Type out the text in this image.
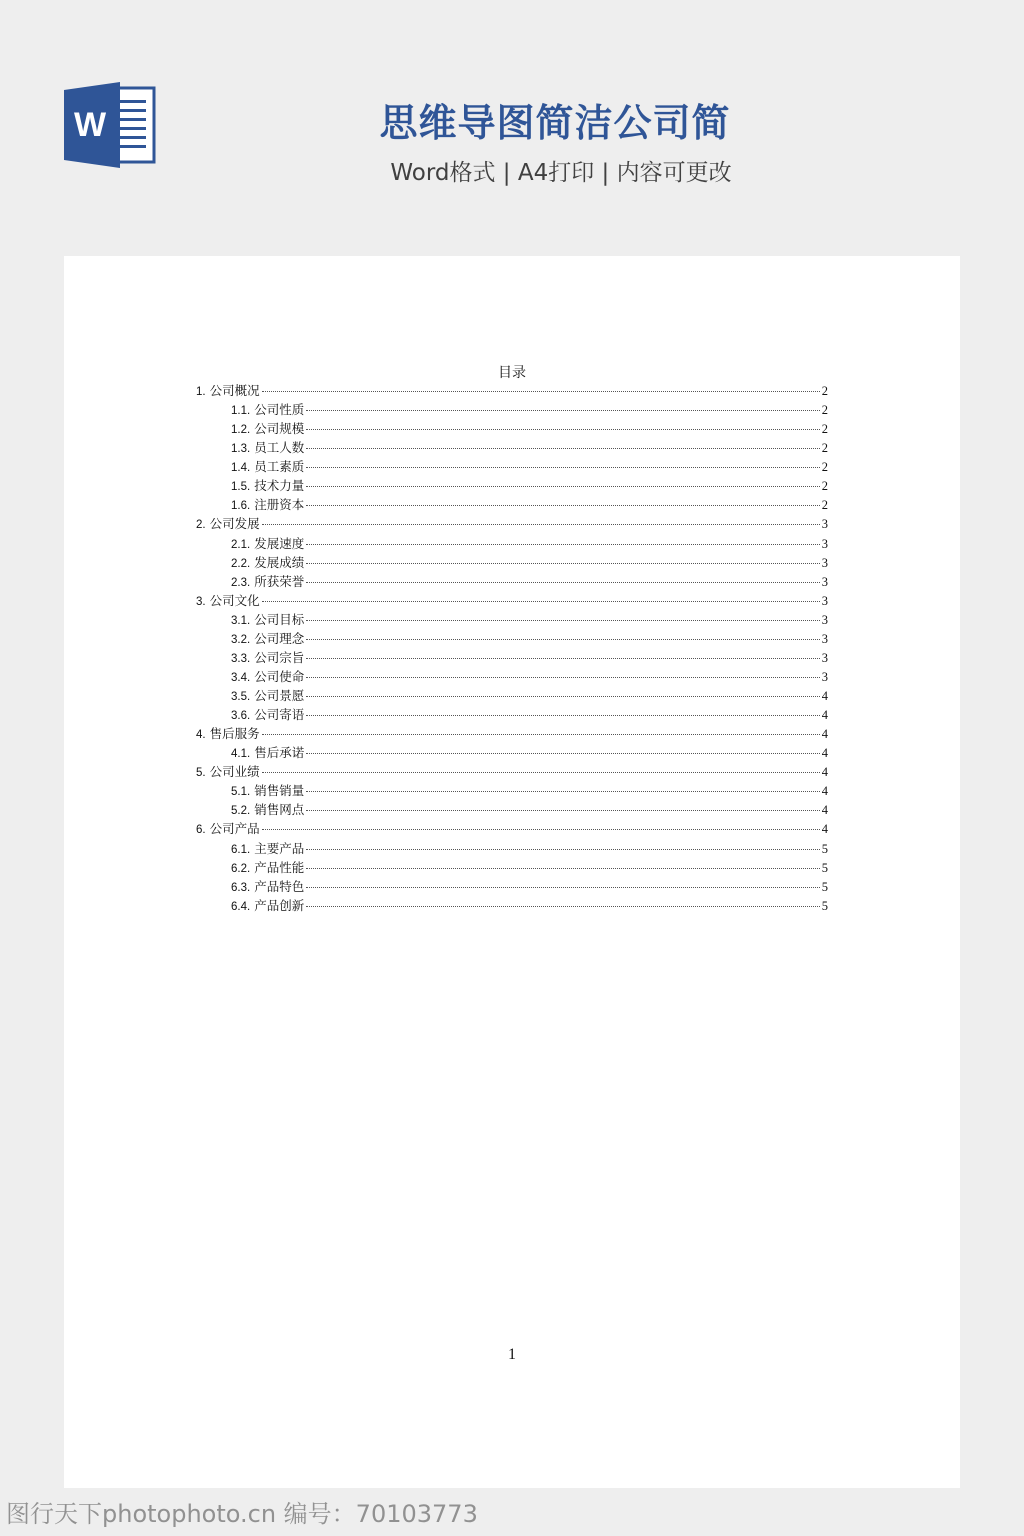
W	思维导图简洁公司简
Word格式 | A4打印 | 内容可更改
目录
1. 公司概况	2
1.1. 公司性质	2
1.2. 公司规模	2
1.3. 员工人数	2
1.4. 员工素质	2
1.5. 技术力量	2
1.6. 注册资本	2
2. 公司发展	3
2.1. 发展速度	3
2.2. 发展成绩	3
2.3. 所获荣誉	3
3. 公司文化	3
3.1. 公司目标	3
3.2. 公司理念	3
3.3. 公司宗旨	3
3.4. 公司使命	3
3.5. 公司景愿	4
3.6. 公司寄语	4
4. 售后服务	4
4.1. 售后承诺	4
5. 公司业绩	4
5.1. 销售销量	4
5.2. 销售网点	4
6. 公司产品	4
6.1. 主要产品	5
6.2. 产品性能	5
6.3. 产品特色	5
6.4. 产品创新	5
1
图行天下photophoto.cn 编号：70103773
